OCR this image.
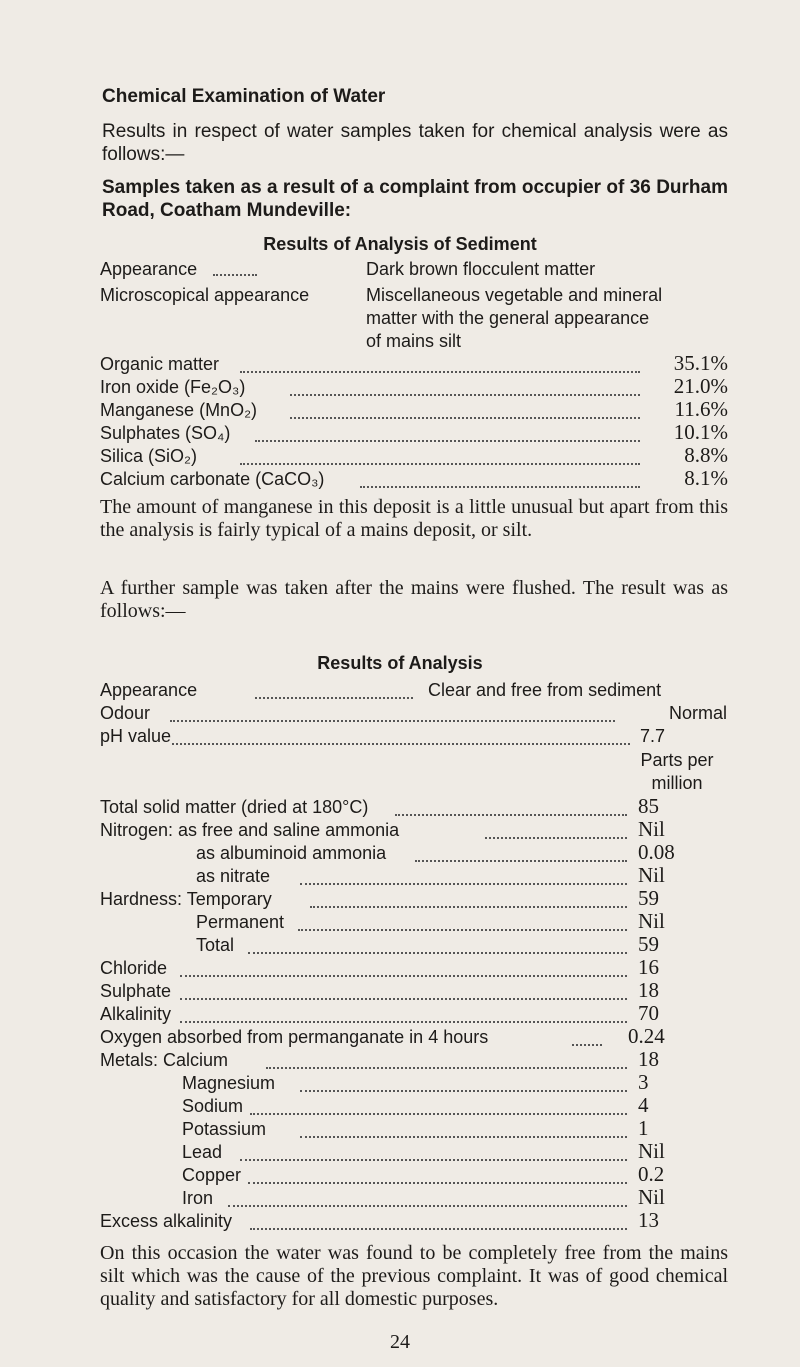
Chemical Examination of Water
Results in respect of water samples taken for chemical analysis were as follows:—
Samples taken as a result of a complaint from occupier of 36 Durham Road, Coatham Mundeville:
Results of Analysis of Sediment
Appearance	Dark brown flocculent matter
Microscopical appearance	Miscellaneous vegetable and mineral
matter with the general appearance
of mains silt
Organic matter	35.1%
Iron oxide (Fe₂O₃)	21.0%
Manganese (MnO₂)	11.6%
Sulphates (SO₄)	10.1%
Silica (SiO₂)	8.8%
Calcium carbonate (CaCO₃)	8.1%
The amount of manganese in this deposit is a little unusual but apart from this the analysis is fairly typical of a mains deposit, or silt.
A further sample was taken after the mains were flushed. The result was as follows:—
Results of Analysis
Appearance	Clear and free from sediment
Odour	Normal
pH value	7.7
Parts per
million
Total solid matter (dried at 180°C)	85
Nitrogen: as free and saline ammonia	Nil
as albuminoid ammonia	0.08
as nitrate	Nil
Hardness: Temporary	59
Permanent	Nil
Total	59
Chloride	16
Sulphate	18
Alkalinity	70
Oxygen absorbed from permanganate in 4 hours	0.24
Metals: Calcium	18
Magnesium	3
Sodium	4
Potassium	1
Lead	Nil
Copper	0.2
Iron	Nil
Excess alkalinity	13
On this occasion the water was found to be completely free from the mains silt which was the cause of the previous complaint. It was of good chemical quality and satisfactory for all domestic purposes.
24
